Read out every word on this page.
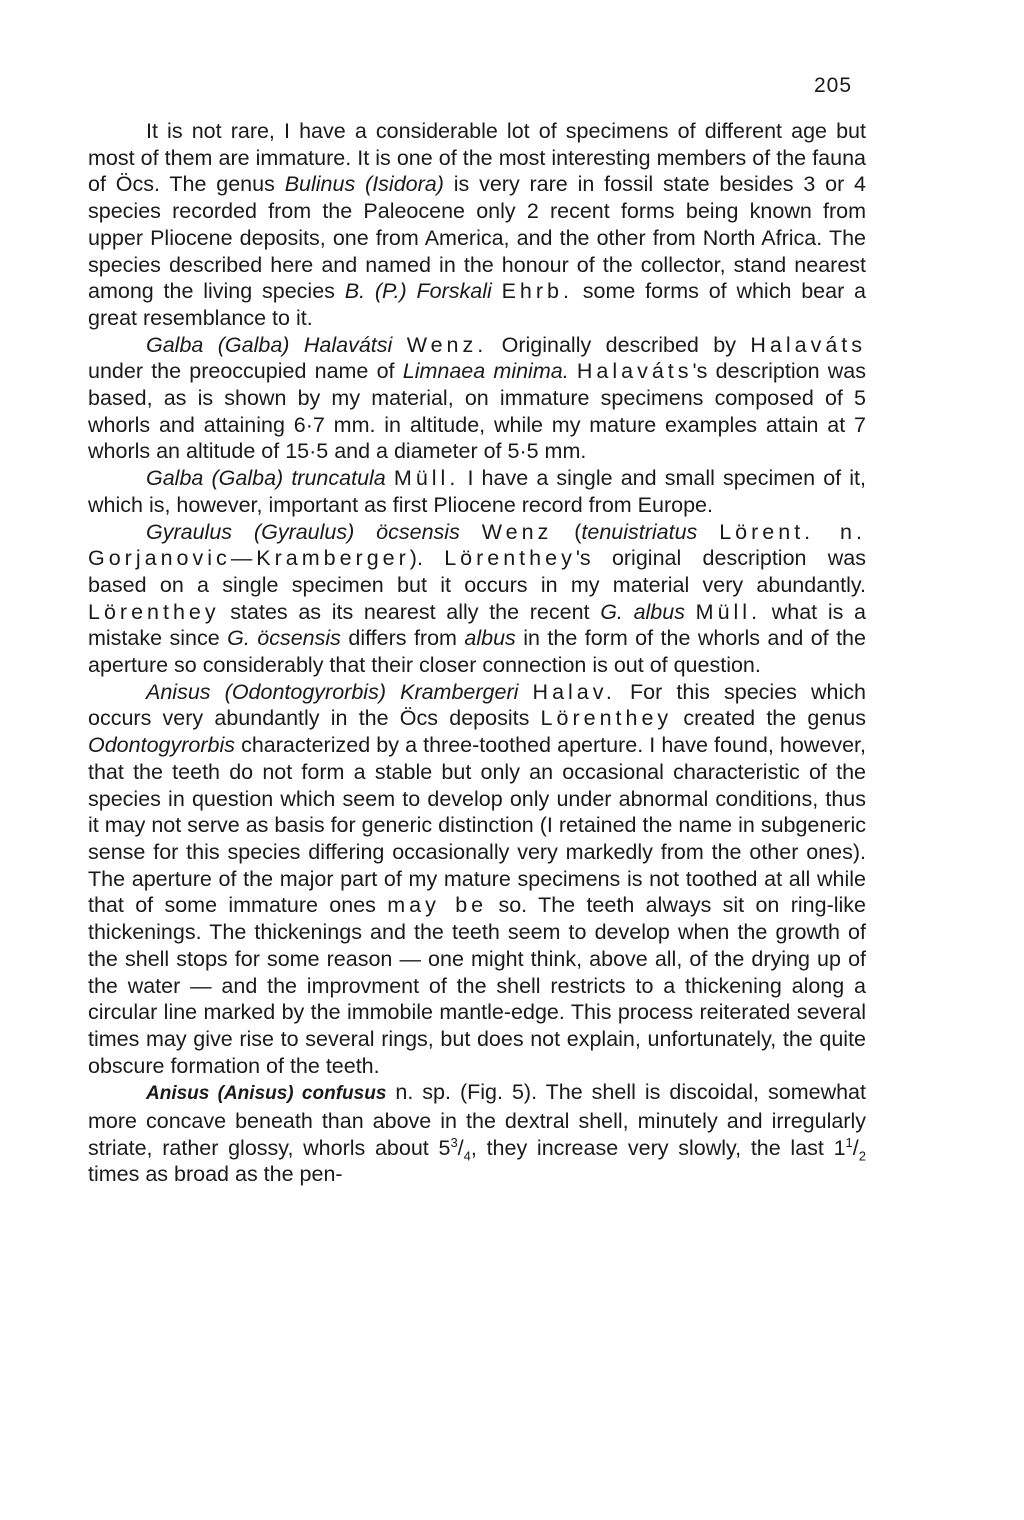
205

It is not rare, I have a considerable lot of specimens of different age but most of them are immature. It is one of the most interesting members of the fauna of Öcs. The genus Bulinus (Isidora) is very rare in fossil state besides 3 or 4 species recorded from the Paleocene only 2 recent forms being known from upper Pliocene deposits, one from America, and the other from North Africa. The species described here and named in the honour of the collector, stand nearest among the living species B. (P.) Forskali Ehrb. some forms of which bear a great resemblance to it.

Galba (Galba) Halavátsi Wenz. Originally described by Halaváts under the preoccupied name of Limnaea minima. Halaváts's description was based, as is shown by my material, on immature specimens composed of 5 whorls and attaining 6·7 mm. in altitude, while my mature examples attain at 7 whorls an altitude of 15·5 and a diameter of 5·5 mm.

Galba (Galba) truncatula Müll. I have a single and small specimen of it, which is, however, important as first Pliocene record from Europe.

Gyraulus (Gyraulus) öcsensis Wenz (tenuistriatus Lörent. n. Gorjanovic—Kramberger). Lörenthey's original description was based on a single specimen but it occurs in my material very abundantly. Lörenthey states as its nearest ally the recent G. albus Müll. what is a mistake since G. öcsensis differs from albus in the form of the whorls and of the aperture so considerably that their closer connection is out of question.

Anisus (Odontogyrorbis) Krambergeri Halav. For this species which occurs very abundantly in the Öcs deposits Lörenthey created the genus Odontogyrorbis characterized by a three-toothed aperture. I have found, however, that the teeth do not form a stable but only an occasional characteristic of the species in question which seem to develop only under abnormal conditions, thus it may not serve as basis for generic distinction (I retained the name in subgeneric sense for this species differing occasionally very markedly from the other ones). The aperture of the major part of my mature specimens is not toothed at all while that of some immature ones may be so. The teeth always sit on ring-like thickenings. The thickenings and the teeth seem to develop when the growth of the shell stops for some reason — one might think, above all, of the drying up of the water — and the improvment of the shell restricts to a thickening along a circular line marked by the immobile mantle-edge. This process reiterated several times may give rise to several rings, but does not explain, unfortunately, the quite obscure formation of the teeth.

Anisus (Anisus) confusus n. sp. (Fig. 5). The shell is discoidal, somewhat more concave beneath than above in the dextral shell, minutely and irregularly striate, rather glossy, whorls about $5^3/_4$, they increase very slowly, the last $1^1/_2$ times as broad as the pen-
